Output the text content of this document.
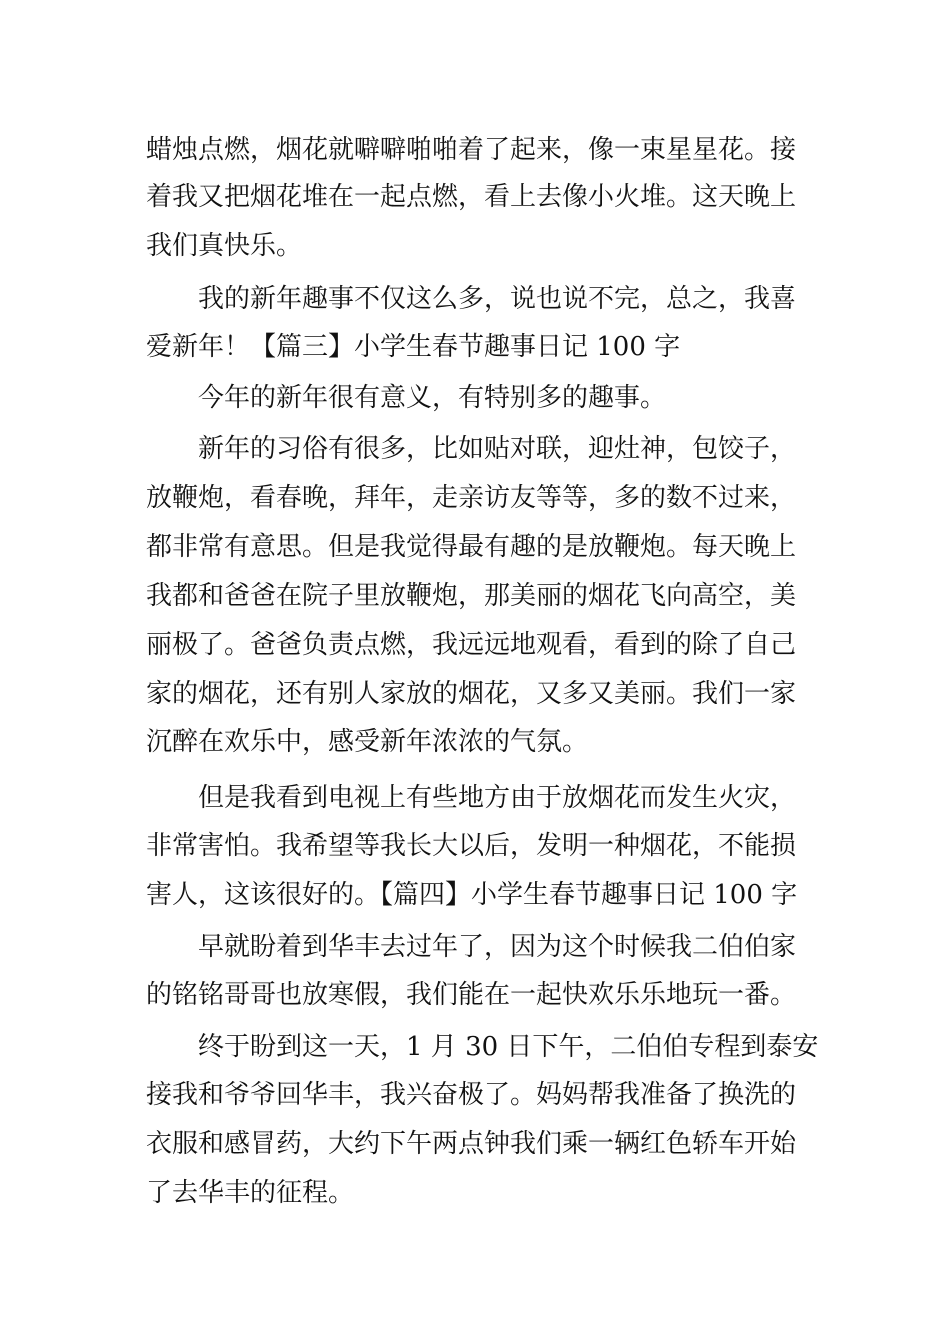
蜡烛点燃，烟花就噼噼啪啪着了起来，像一束星星花。接
着我又把烟花堆在一起点燃，看上去像小火堆。这天晚上
我们真快乐。
我的新年趣事不仅这么多，说也说不完，总之，我喜
爱新年！【篇三】小学生春节趣事日记 100 字
今年的新年很有意义，有特别多的趣事。
新年的习俗有很多，比如贴对联，迎灶神，包饺子，
放鞭炮，看春晚，拜年，走亲访友等等，多的数不过来，
都非常有意思。但是我觉得最有趣的是放鞭炮。每天晚上
我都和爸爸在院子里放鞭炮，那美丽的烟花飞向高空，美
丽极了。爸爸负责点燃，我远远地观看，看到的除了自己
家的烟花，还有别人家放的烟花，又多又美丽。我们一家
沉醉在欢乐中，感受新年浓浓的气氛。
但是我看到电视上有些地方由于放烟花而发生火灾，
非常害怕。我希望等我长大以后，发明一种烟花，不能损
害人，这该很好的。【篇四】小学生春节趣事日记 100 字
早就盼着到华丰去过年了，因为这个时候我二伯伯家
的铭铭哥哥也放寒假，我们能在一起快欢乐乐地玩一番。
终于盼到这一天，1 月 30 日下午，二伯伯专程到泰安
接我和爷爷回华丰，我兴奋极了。妈妈帮我准备了换洗的
衣服和感冒药，大约下午两点钟我们乘一辆红色轿车开始
了去华丰的征程。
